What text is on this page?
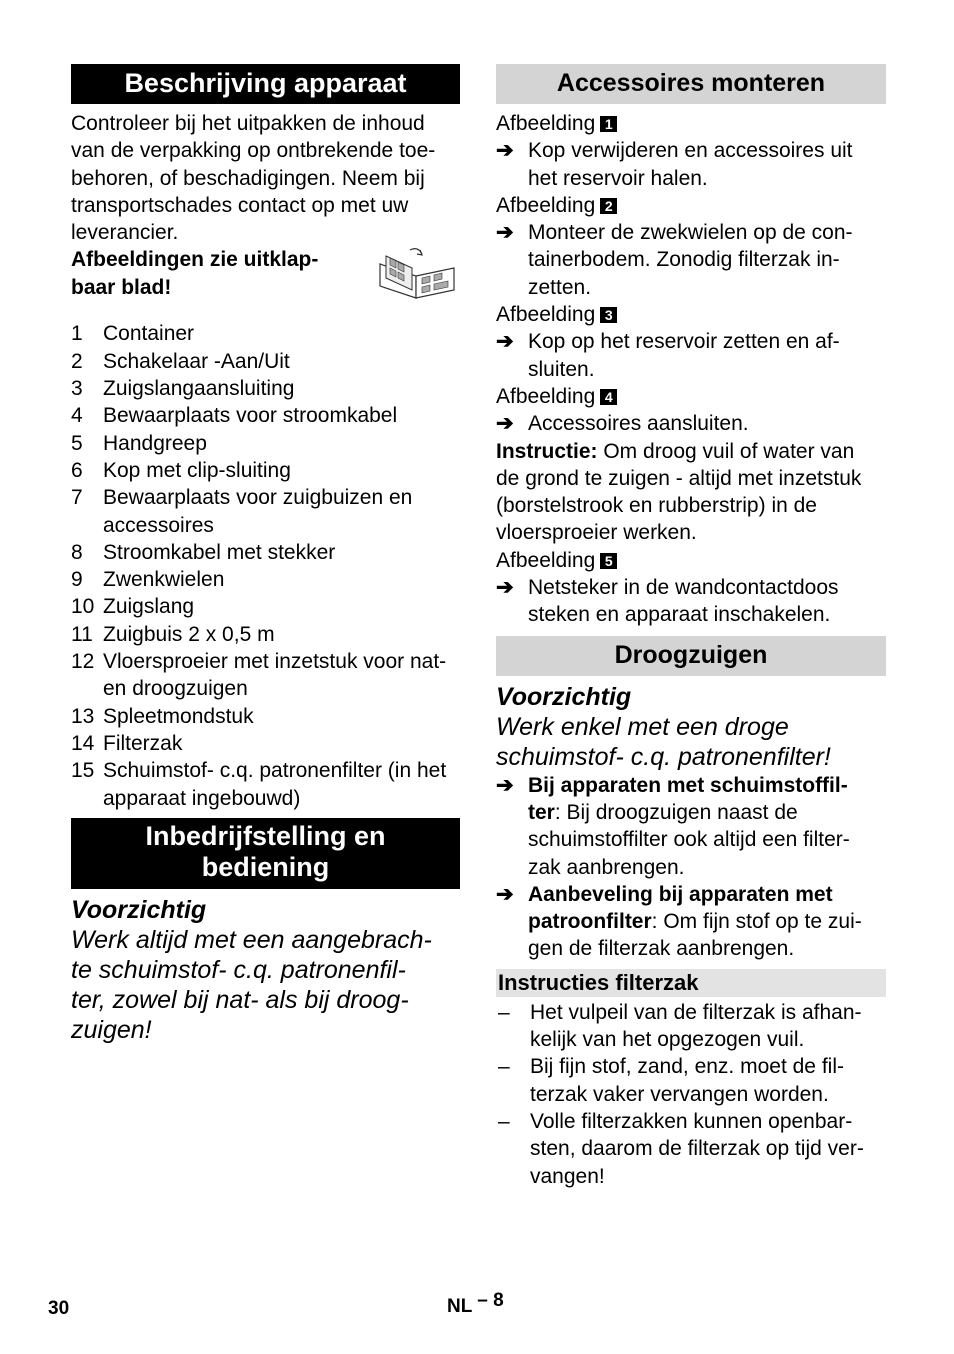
Beschrijving apparaat

Controleer bij het uitpakken de inhoud

van de verpakking op ontbrekende toe-

behoren, of beschadigingen. Neem bij

transportschades contact op met uw

leverancier.

Afbeeldingen zie uitklap-

baar blad!

1 Container
2 Schakelaar -Aan/Uit
3 Zuigslangaansluiting
4 Bewaarplaats voor stroomkabel
5 Handgreep
6 Kop met clip-sluiting
7 Bewaarplaats voor zuigbuizen en accessoires
8 Stroomkabel met stekker
9 Zwenkwielen
10 Zuigslang
11 Zuigbuis 2 x 0,5 m
12 Vloersproeier met inzetstuk voor nat- en droogzuigen
13 Spleetmondstuk
14 Filterzak
15 Schuimstof- c.q. patronenfilter (in het apparaat ingebouwd)
Inbedrijfstelling en
bediening

Voorzichtig

Werk altijd met een aangebrach-

te schuimstof- c.q. patronenfil-

ter, zowel bij nat- als bij droog-

zuigen!

Accessoires monteren

Afbeelding 1

➔ Kop verwijderen en accessoires uit
het reservoir halen.

Afbeelding 2

➔ Monteer de zwekwielen op de con-
tainerbodem. Zonodig filterzak in-
zetten.

Afbeelding 3

➔ Kop op het reservoir zetten en af-
sluiten.

Afbeelding 4

➔ Accessoires aansluiten.

Instructie: Om droog vuil of water van

de grond te zuigen - altijd met inzetstuk

(borstelstrook en rubberstrip) in de

vloersproeier werken.

Afbeelding 5

➔ Netsteker in de wandcontactdoos
steken en apparaat inschakelen.
Droogzuigen

Voorzichtig

Werk enkel met een droge

schuimstof- c.q. patronenfilter!

➔ Bij apparaten met schuimstoffil-
ter: Bij droogzuigen naast de
schuimstoffilter ook altijd een filter-
zak aanbrengen.
➔ Aanbeveling bij apparaten met
patroonfilter: Om fijn stof op te zui-
gen de filterzak aanbrengen.
Instructies filterzak
– Het vulpeil van de filterzak is afhan-
kelijk van het opgezogen vuil.
– Bij fijn stof, zand, enz. moet de fil-
terzak vaker vervangen worden.
– Volle filterzakken kunnen openbar-
sten, daarom de filterzak op tijd ver-
vangen!
30	NL – 8
